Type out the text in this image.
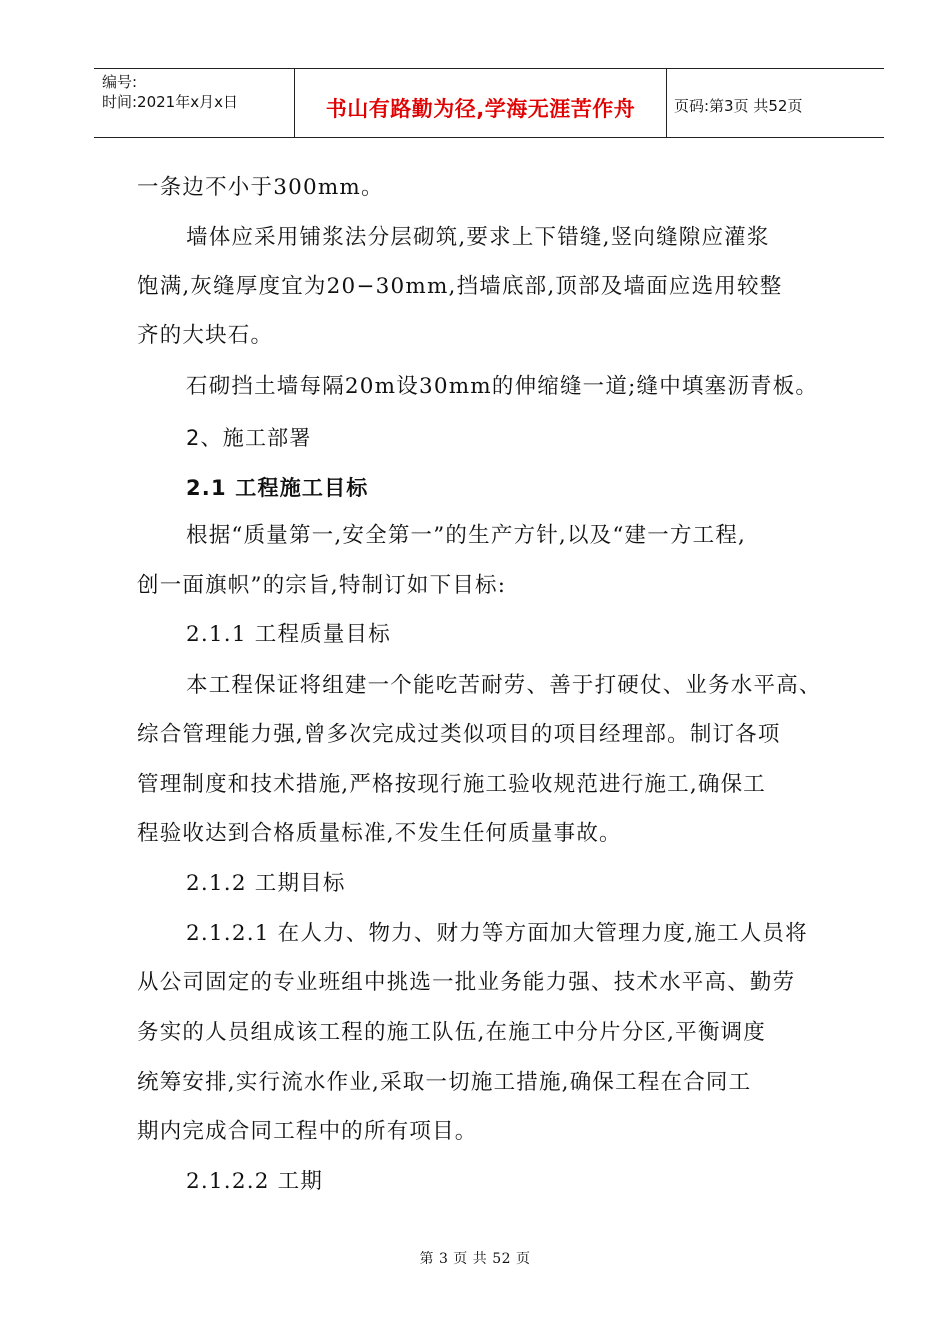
编号:
时间:2021年x月x日	书山有路勤为径,学海无涯苦作舟	页码:第3页 共52页
一条边不小于300mm。
墙体应采用铺浆法分层砌筑,要求上下错缝,竖向缝隙应灌浆
饱满,灰缝厚度宜为20−30mm,挡墙底部,顶部及墙面应选用较整
齐的大块石。
石砌挡土墙每隔20m设30mm的伸缩缝一道;缝中填塞沥青板。
2、施工部署
2.1 工程施工目标
根据“质量第一,安全第一”的生产方针,以及“建一方工程,
创一面旗帜”的宗旨,特制订如下目标:
2.1.1 工程质量目标
本工程保证将组建一个能吃苦耐劳、善于打硬仗、业务水平高、
综合管理能力强,曾多次完成过类似项目的项目经理部。制订各项
管理制度和技术措施,严格按现行施工验收规范进行施工,确保工
程验收达到合格质量标准,不发生任何质量事故。
2.1.2 工期目标
2.1.2.1 在人力、物力、财力等方面加大管理力度,施工人员将
从公司固定的专业班组中挑选一批业务能力强、技术水平高、勤劳
务实的人员组成该工程的施工队伍,在施工中分片分区,平衡调度
统筹安排,实行流水作业,采取一切施工措施,确保工程在合同工
期内完成合同工程中的所有项目。
2.1.2.2 工期
第 3 页 共 52 页
